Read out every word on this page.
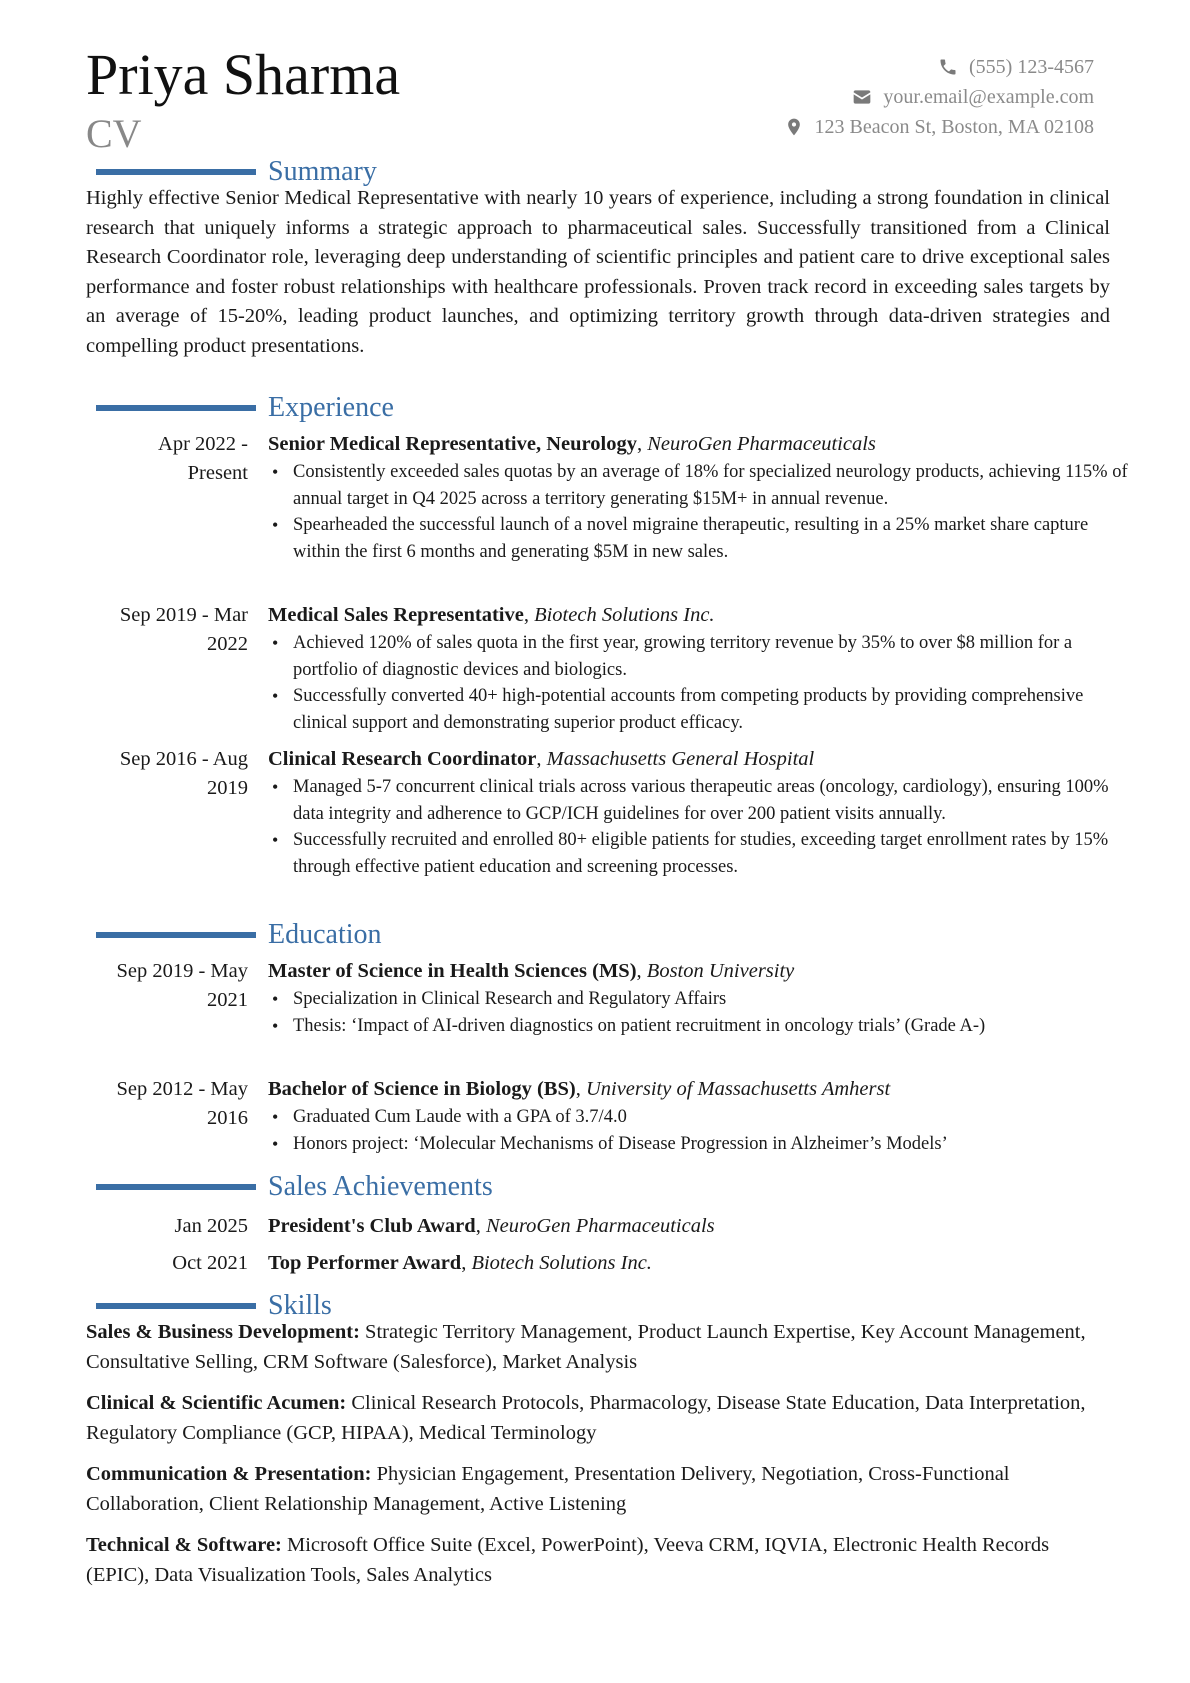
Priya Sharma
CV
(555) 123-4567
your.email@example.com
123 Beacon St, Boston, MA 02108
Summary
Highly effective Senior Medical Representative with nearly 10 years of experience, including a strong foundation in clinical research that uniquely informs a strategic approach to pharmaceutical sales. Successfully transitioned from a Clinical Research Coordinator role, leveraging deep understanding of scientific principles and patient care to drive exceptional sales performance and foster robust relationships with healthcare professionals. Proven track record in exceeding sales targets by an average of 15-20%, leading product launches, and optimizing territory growth through data-driven strategies and compelling product presentations.
Experience
Apr 2022 -
Present
Senior Medical Representative, Neurology, NeuroGen Pharmaceuticals
• Consistently exceeded sales quotas by an average of 18% for specialized neurology products, achieving 115% of annual target in Q4 2025 across a territory generating $15M+ in annual revenue.
• Spearheaded the successful launch of a novel migraine therapeutic, resulting in a 25% market share capture within the first 6 months and generating $5M in new sales.
Sep 2019 - Mar
2022
Medical Sales Representative, Biotech Solutions Inc.
• Achieved 120% of sales quota in the first year, growing territory revenue by 35% to over $8 million for a portfolio of diagnostic devices and biologics.
• Successfully converted 40+ high-potential accounts from competing products by providing comprehensive clinical support and demonstrating superior product efficacy.
Sep 2016 - Aug
2019
Clinical Research Coordinator, Massachusetts General Hospital
• Managed 5-7 concurrent clinical trials across various therapeutic areas (oncology, cardiology), ensuring 100% data integrity and adherence to GCP/ICH guidelines for over 200 patient visits annually.
• Successfully recruited and enrolled 80+ eligible patients for studies, exceeding target enrollment rates by 15% through effective patient education and screening processes.
Education
Sep 2019 - May
2021
Master of Science in Health Sciences (MS), Boston University
• Specialization in Clinical Research and Regulatory Affairs
• Thesis: ‘Impact of AI-driven diagnostics on patient recruitment in oncology trials’ (Grade A-)
Sep 2012 - May
2016
Bachelor of Science in Biology (BS), University of Massachusetts Amherst
• Graduated Cum Laude with a GPA of 3.7/4.0
• Honors project: ‘Molecular Mechanisms of Disease Progression in Alzheimer’s Models’
Sales Achievements
Jan 2025 President's Club Award, NeuroGen Pharmaceuticals
Oct 2021 Top Performer Award, Biotech Solutions Inc.
Skills
Sales & Business Development: Strategic Territory Management, Product Launch Expertise, Key Account Management, Consultative Selling, CRM Software (Salesforce), Market Analysis
Clinical & Scientific Acumen: Clinical Research Protocols, Pharmacology, Disease State Education, Data Interpretation, Regulatory Compliance (GCP, HIPAA), Medical Terminology
Communication & Presentation: Physician Engagement, Presentation Delivery, Negotiation, Cross-Functional Collaboration, Client Relationship Management, Active Listening
Technical & Software: Microsoft Office Suite (Excel, PowerPoint), Veeva CRM, IQVIA, Electronic Health Records (EPIC), Data Visualization Tools, Sales Analytics
